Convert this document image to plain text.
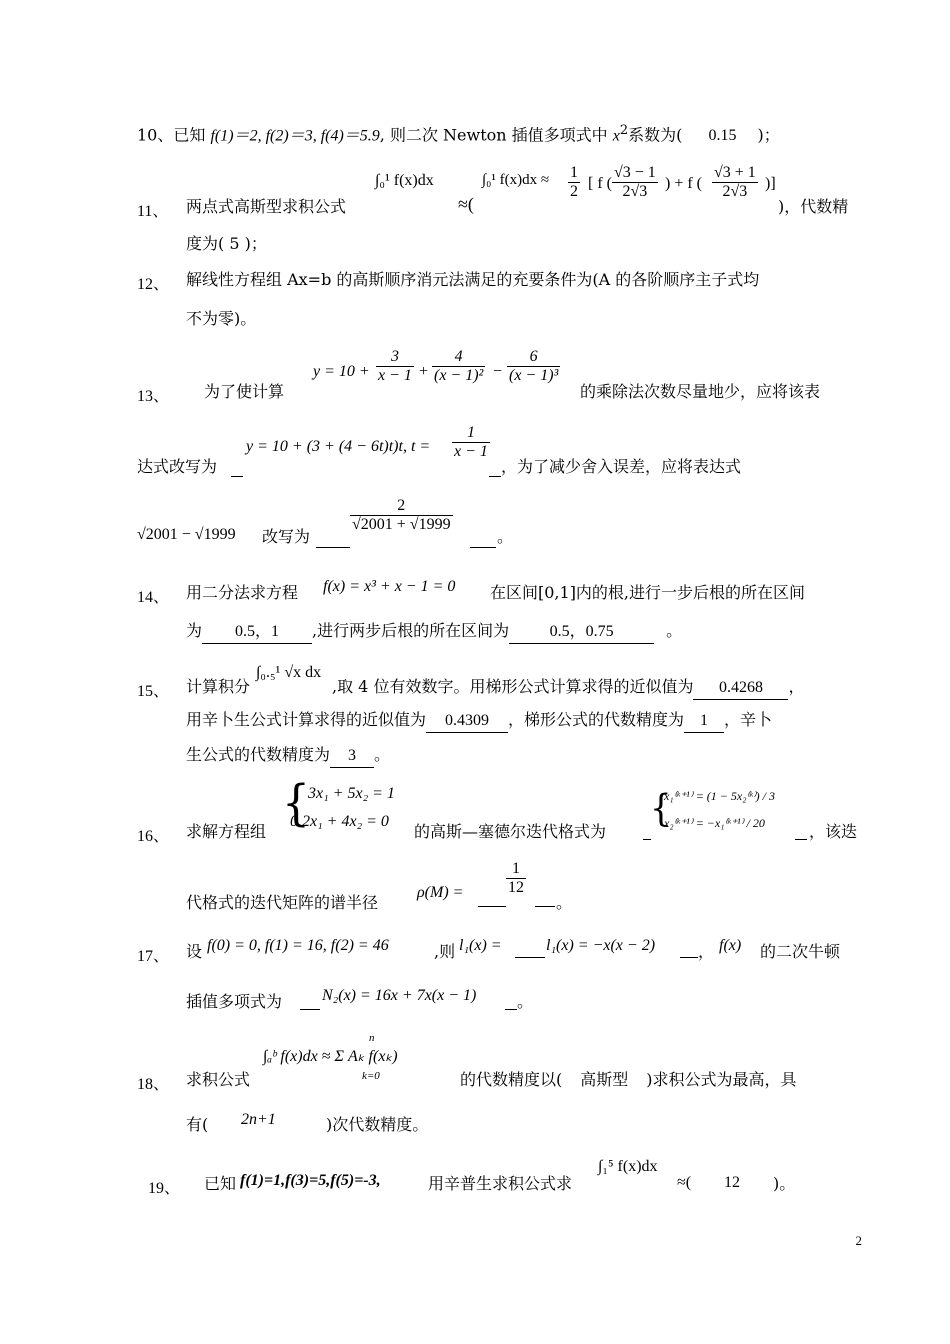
10、已知 f(1)＝2, f(2)＝3, f(4)＝5.9, 则二次 Newton 插值多项式中 $x^2$系数为( 0.15 )；
11、 两点式高斯型求积公式
∫₀¹ f(x)dx
≈(
∫₀¹ $f(x)dx \approx \frac{1}{2}$ [ f ( $\frac{√3 - 1}{2√3}$ ) + f ( $\frac{√3 + 1}{2√3}$ )]
)，代数精
度为( 5 )；
12、 解线性方程组 Ax=b 的高斯顺序消元法满足的充要条件为(A 的各阶顺序主子式均
不为零)。
13、 为了使计算
$y = 10 + \frac{3}{x - 1} + \frac{4}{\text{(x − 1)²}} - \frac{6}{\text{(x − 1)³}}$
的乘除法次数尽量地少，应将该表
达式改写为
y = 10 + (3 + (4 − 6t)t)t, $t = \frac{1}{x - 1}$
，为了减少舍入误差，应将表达式
√2001 − √1999 改写为
$\frac{2}{√2001 + √1999}$
。
14、 用二分法求方程 f(x) = x³ + x − 1 = 0 在区间[0,1]内的根,进行一步后根的所在区间
为 0.5，1 ,进行两步后根的所在区间为	0.5，0.75	。
15、 计算积分
∫₀.₅¹ √x dx
,取 4 位有效数字。用梯形公式计算求得的近似值为 0.4268 ，
用辛卜生公式计算求得的近似值为 0.4309 ，梯形公式的代数精度为 1 ，辛卜
生公式的代数精度为 3 。
16、 求解方程组 {
3x₁ + 5x₂ = 1
0.2x₁ + 4x₂ = 0
的高斯—塞德尔迭代格式为
{
x₁⁽ᵏ⁺¹⁾ = (1 − 5x₂⁽ᵏ⁾) / 3
x₂⁽ᵏ⁺¹⁾ = −x₁⁽ᵏ⁺¹⁾ / 20	，该迭
代格式的迭代矩阵的谱半径
ρ(M) =	$\frac{1}{12}$
。
17、 设 f(0) = 0, f(1) = 16, f(2) = 46	,则 l₁(x) =	l₁(x) = −x(x − 2)	， f(x) 的二次牛顿
插值多项式为 N₂(x) = 16x + 7x(x − 1)	。
18、 求积公式
∫ₐᵇ f(x)dx ≈ Σ Aₖ f(xₖ)
n
k=0	的代数精度以( 高斯型 )求积公式为最高，具
有( 2n+1	)次代数精度。
19、 已知 f(1)=1,f(3)=5,f(5)=-3,	用辛普生求积公式求
∫₁⁵ f(x)dx
≈( 12 )。
2
